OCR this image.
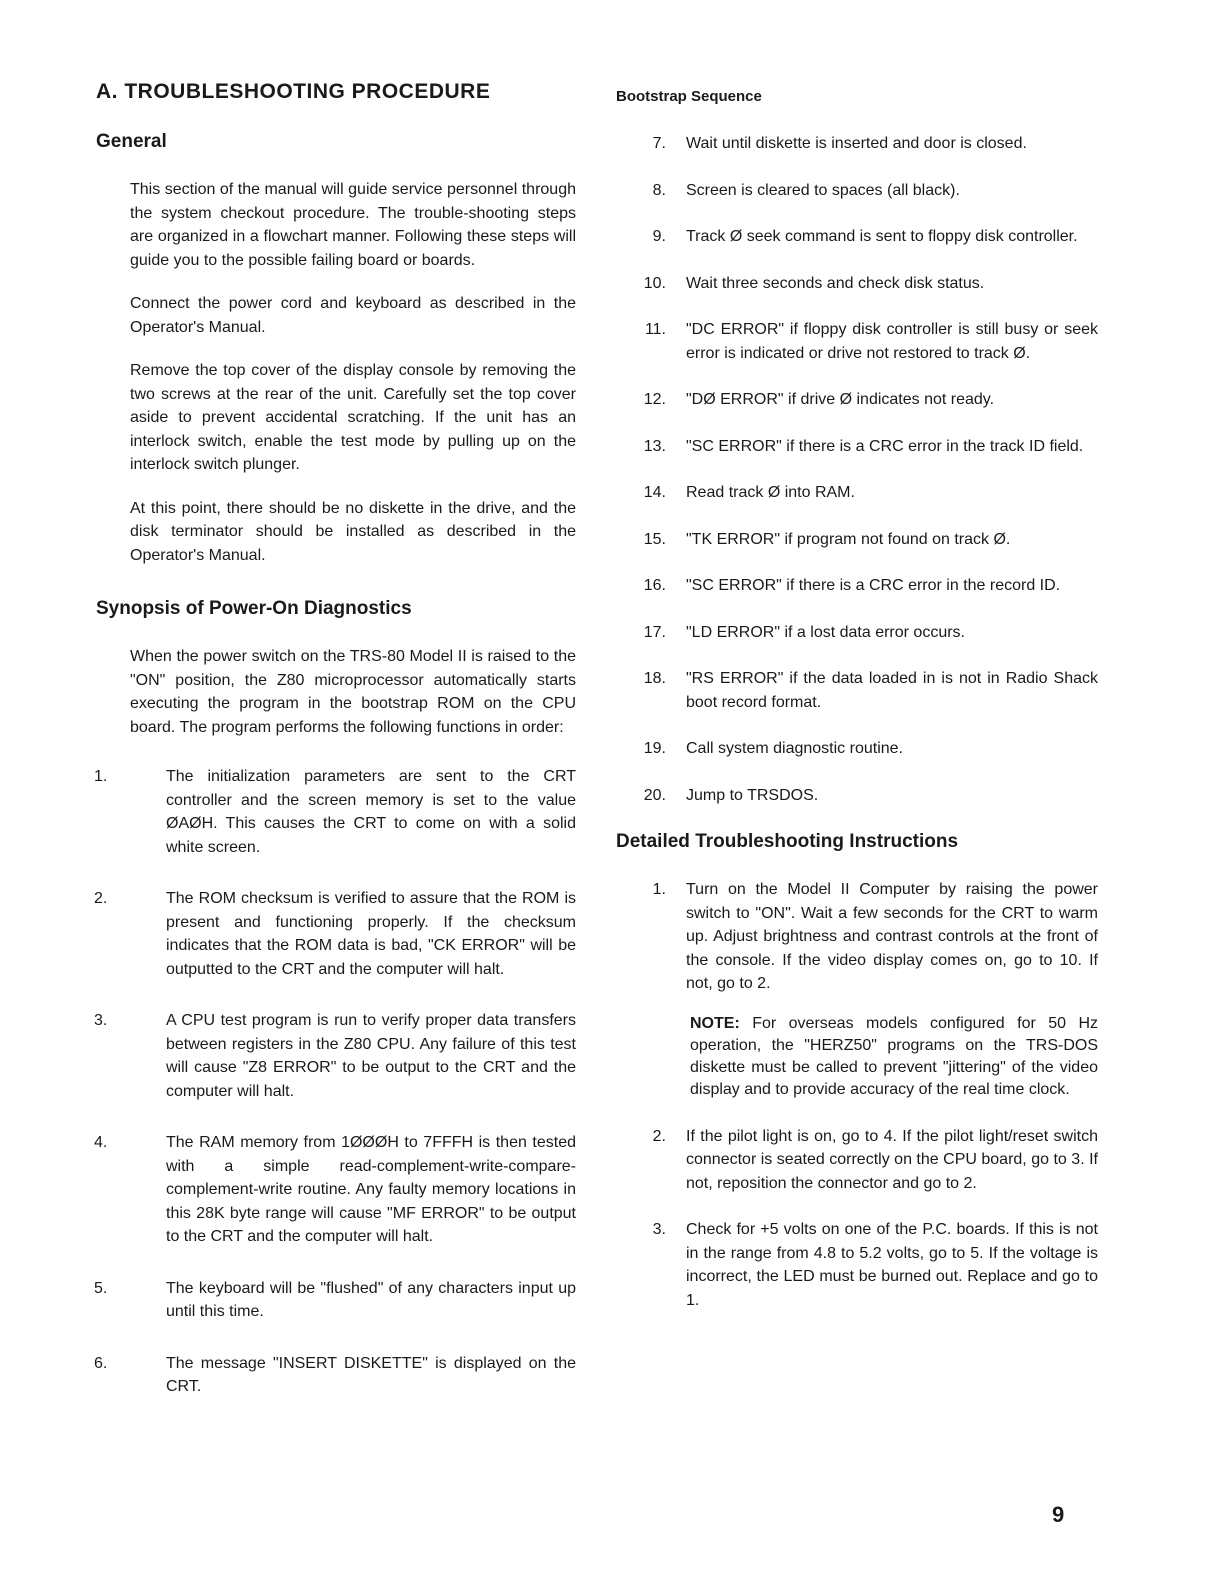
A. TROUBLESHOOTING PROCEDURE
General

This section of the manual will guide service personnel through the system checkout procedure. The trouble-shooting steps are organized in a flowchart manner. Following these steps will guide you to the possible failing board or boards.

Connect the power cord and keyboard as described in the Operator's Manual.

Remove the top cover of the display console by removing the two screws at the rear of the unit. Carefully set the top cover aside to prevent accidental scratching. If the unit has an interlock switch, enable the test mode by pulling up on the interlock switch plunger.

At this point, there should be no diskette in the drive, and the disk terminator should be installed as described in the Operator's Manual.

Synopsis of Power-On Diagnostics

When the power switch on the TRS-80 Model II is raised to the "ON" position, the Z80 microprocessor automatically starts executing the program in the bootstrap ROM on the CPU board. The program performs the following functions in order:

1.	The initialization parameters are sent to the CRT controller and the screen memory is set to the value ØAØH. This causes the CRT to come on with a solid white screen.
2.	The ROM checksum is verified to assure that the ROM is present and functioning properly. If the checksum indicates that the ROM data is bad, "CK ERROR" will be outputted to the CRT and the computer will halt.
3.	A CPU test program is run to verify proper data transfers between registers in the Z80 CPU. Any failure of this test will cause "Z8 ERROR" to be output to the CRT and the computer will halt.
4.	The RAM memory from 1ØØØH to 7FFFH is then tested with a simple read-complement-write-compare-complement-write routine. Any faulty memory locations in this 28K byte range will cause "MF ERROR" to be output to the CRT and the computer will halt.
5.	The keyboard will be "flushed" of any characters input up until this time.
6.	The message "INSERT DISKETTE" is displayed on the CRT.
Bootstrap Sequence
7. Wait until diskette is inserted and door is closed.
8. Screen is cleared to spaces (all black).
9. Track Ø seek command is sent to floppy disk controller.
10. Wait three seconds and check disk status.
11. "DC ERROR" if floppy disk controller is still busy or seek error is indicated or drive not restored to track Ø.
12. "DØ ERROR" if drive Ø indicates not ready.
13. "SC ERROR" if there is a CRC error in the track ID field.
14. Read track Ø into RAM.
15. "TK ERROR" if program not found on track Ø.
16. "SC ERROR" if there is a CRC error in the record ID.
17. "LD ERROR" if a lost data error occurs.
18. "RS ERROR" if the data loaded in is not in Radio Shack boot record format.
19. Call system diagnostic routine.
20. Jump to TRSDOS.
Detailed Troubleshooting Instructions
1. Turn on the Model II Computer by raising the power switch to "ON". Wait a few seconds for the CRT to warm up. Adjust brightness and contrast controls at the front of the console. If the video display comes on, go to 10. If not, go to 2.

NOTE: For overseas models configured for 50 Hz operation, the "HERZ50" programs on the TRS-DOS diskette must be called to prevent "jittering" of the video display and to provide accuracy of the real time clock.

2. If the pilot light is on, go to 4. If the pilot light/reset switch connector is seated correctly on the CPU board, go to 3. If not, reposition the connector and go to 2.
3. Check for +5 volts on one of the P.C. boards. If this is not in the range from 4.8 to 5.2 volts, go to 5. If the voltage is incorrect, the LED must be burned out. Replace and go to 1.
9
